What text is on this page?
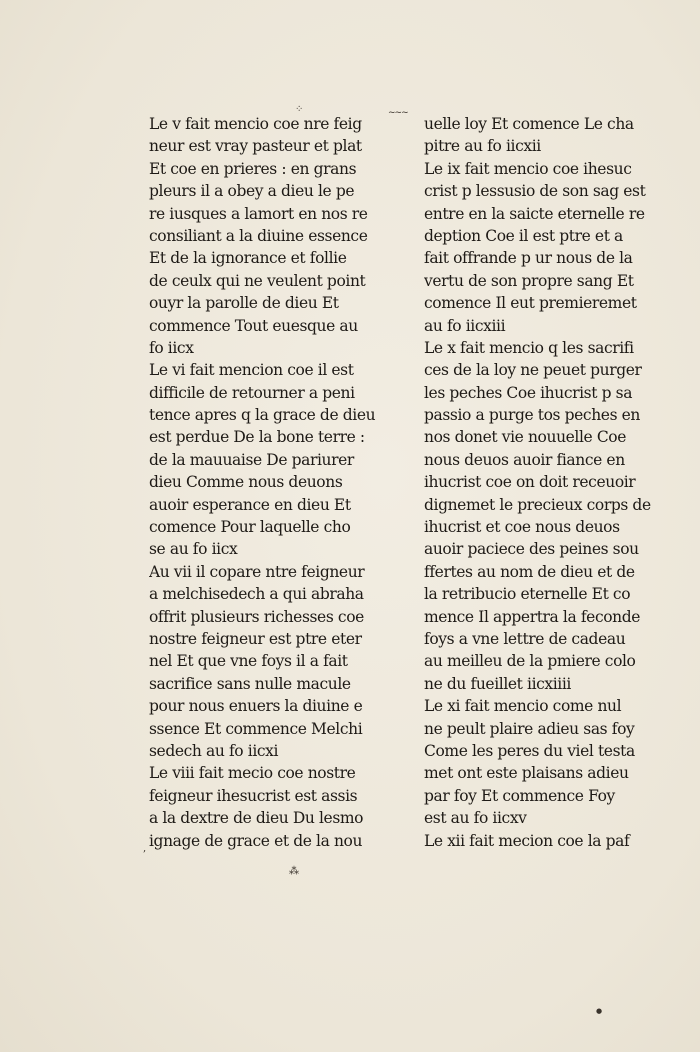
⁘	~~~
,
⁂
●
Le v fait mencio coe nre feig
neur est vray pasteur et plat
Et coe en prieres : en grans
pleurs il a obey a dieu le pe
re iusques a lamort en nos re
consiliant a la diuine essence
Et de la ignorance et follie
de ceulx qui ne veulent point
ouyr la parolle de dieu Et
commence Tout euesque au
fo iicx
Le vi fait mencion coe il est
difficile de retourner a peni
tence apres q la grace de dieu
est perdue De la bone terre :
de la mauuaise De pariurer
dieu Comme nous deuons
auoir esperance en dieu Et
comence Pour laquelle cho
se au fo iicx
Au vii il copare ntre feigneur
a melchisedech a qui abraha
offrit plusieurs richesses coe
nostre feigneur est ptre eter
nel Et que vne foys il a fait
sacrifice sans nulle macule
pour nous enuers la diuine e
ssence Et commence Melchi
sedech au fo iicxi
Le viii fait mecio coe nostre
feigneur ihesucrist est assis
a la dextre de dieu Du lesmo
ignage de grace et de la nou
uelle loy Et comence Le cha
pitre au fo iicxii
Le ix fait mencio coe ihesuc
crist p lessusio de son sag est
entre en la saicte eternelle re
deption Coe il est ptre et a
fait offrande p ur nous de la
vertu de son propre sang Et
comence Il eut premieremet
au fo iicxiii
Le x fait mencio q les sacrifi
ces de la loy ne peuet purger
les peches Coe ihucrist p sa
passio a purge tos peches en
nos donet vie nouuelle Coe
nous deuos auoir fiance en
ihucrist coe on doit receuoir
dignemet le precieux corps de
ihucrist et coe nous deuos
auoir paciece des peines sou
ffertes au nom de dieu et de
la retribucio eternelle Et co
mence Il appertra la feconde
foys a vne lettre de cadeau
au meilleu de la pmiere colo
ne du fueillet iicxiiii
Le xi fait mencio come nul
ne peult plaire adieu sas foy
Come les peres du viel testa
met ont este plaisans adieu
par foy Et commence Foy
est au fo iicxv
Le xii fait mecion coe la paf
